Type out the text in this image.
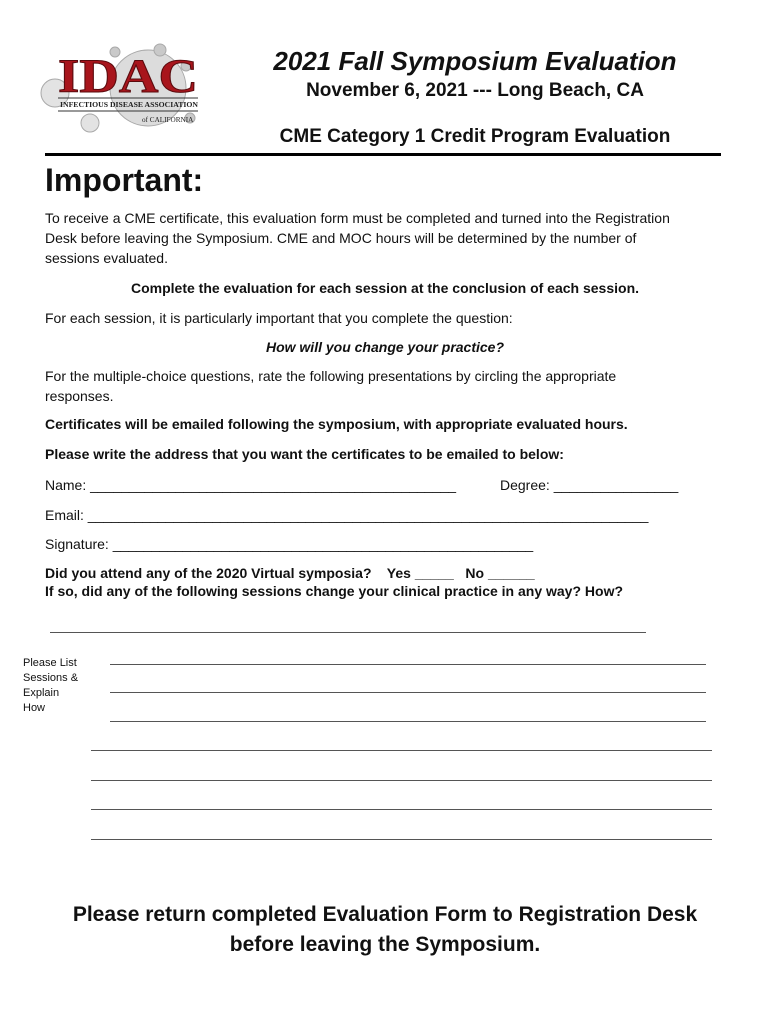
IDAC
INFECTIOUS DISEASE ASSOCIATION
of CALIFORNIA
2021 Fall Symposium Evaluation
November 6, 2021 --- Long Beach, CA
CME Category 1 Credit Program Evaluation
Important:
To receive a CME certificate, this evaluation form must be completed and turned into the Registration
Desk before leaving the Symposium. CME and MOC hours will be determined by the number of
sessions evaluated.
Complete the evaluation for each session at the conclusion of each session.
For each session, it is particularly important that you complete the question:
How will you change your practice?
For the multiple-choice questions, rate the following presentations by circling the appropriate
responses.
Certificates will be emailed following the symposium, with appropriate evaluated hours.
Please write the address that you want the certificates to be emailed to below:
Name: _______________________________________________	Degree: ________________
Email: ________________________________________________________________________
Signature: ______________________________________________________
Did you attend any of the 2020 Virtual symposia?    Yes _____   No ______
If so, did any of the following sessions change your clinical practice in any way? How?
Please List
Sessions &
Explain
How
Please return completed Evaluation Form to Registration Desk
before leaving the Symposium.
